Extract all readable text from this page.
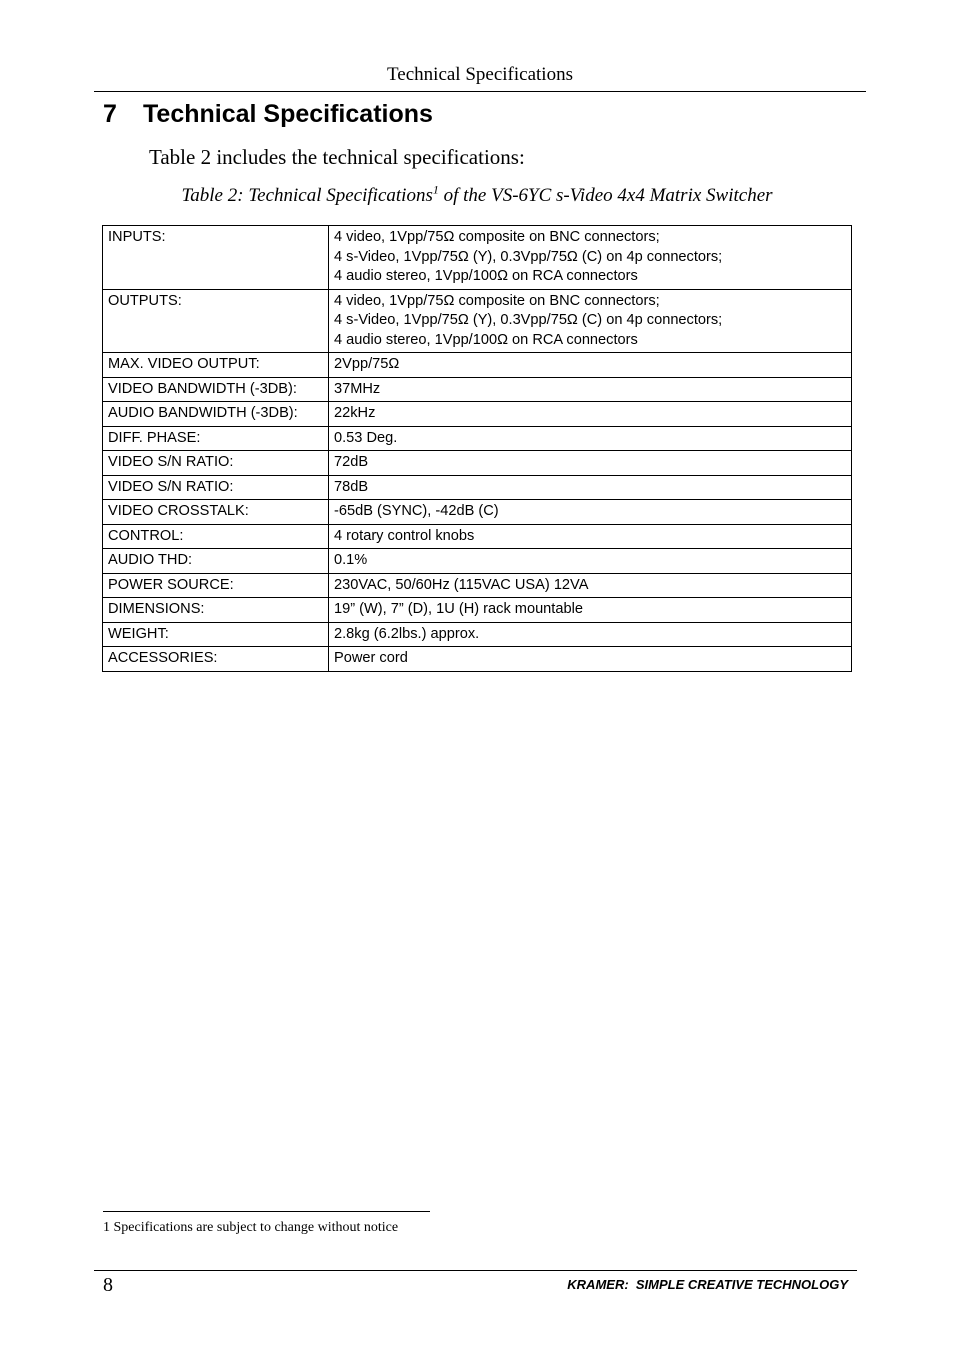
Technical Specifications
7 Technical Specifications
Table 2 includes the technical specifications:
Table 2: Technical Specifications$^1$ of the VS-6YC s-Video 4x4 Matrix Switcher
INPUTS:	4 video, 1Vpp/75Ω composite on BNC connectors;
4 s-Video, 1Vpp/75Ω (Y), 0.3Vpp/75Ω (C) on 4p connectors;
4 audio stereo, 1Vpp/100Ω on RCA connectors

OUTPUTS:	4 video, 1Vpp/75Ω composite on BNC connectors;
4 s-Video, 1Vpp/75Ω (Y), 0.3Vpp/75Ω (C) on 4p connectors;
4 audio stereo, 1Vpp/100Ω on RCA connectors

MAX. VIDEO OUTPUT:	2Vpp/75Ω

VIDEO BANDWIDTH (-3DB):	37MHz

AUDIO BANDWIDTH (-3DB):	22kHz

DIFF. PHASE:	0.53 Deg.

VIDEO S/N RATIO:	72dB

VIDEO S/N RATIO:	78dB

VIDEO CROSSTALK:	-65dB (SYNC), -42dB (C)

CONTROL:	4 rotary control knobs

AUDIO THD:	0.1%

POWER SOURCE:	230VAC, 50/60Hz (115VAC USA) 12VA

DIMENSIONS:	19” (W), 7” (D), 1U (H) rack mountable

WEIGHT:	2.8kg (6.2lbs.) approx.

ACCESSORIES:	Power cord
1 Specifications are subject to change without notice
8	KRAMER:  SIMPLE CREATIVE TECHNOLOGY
